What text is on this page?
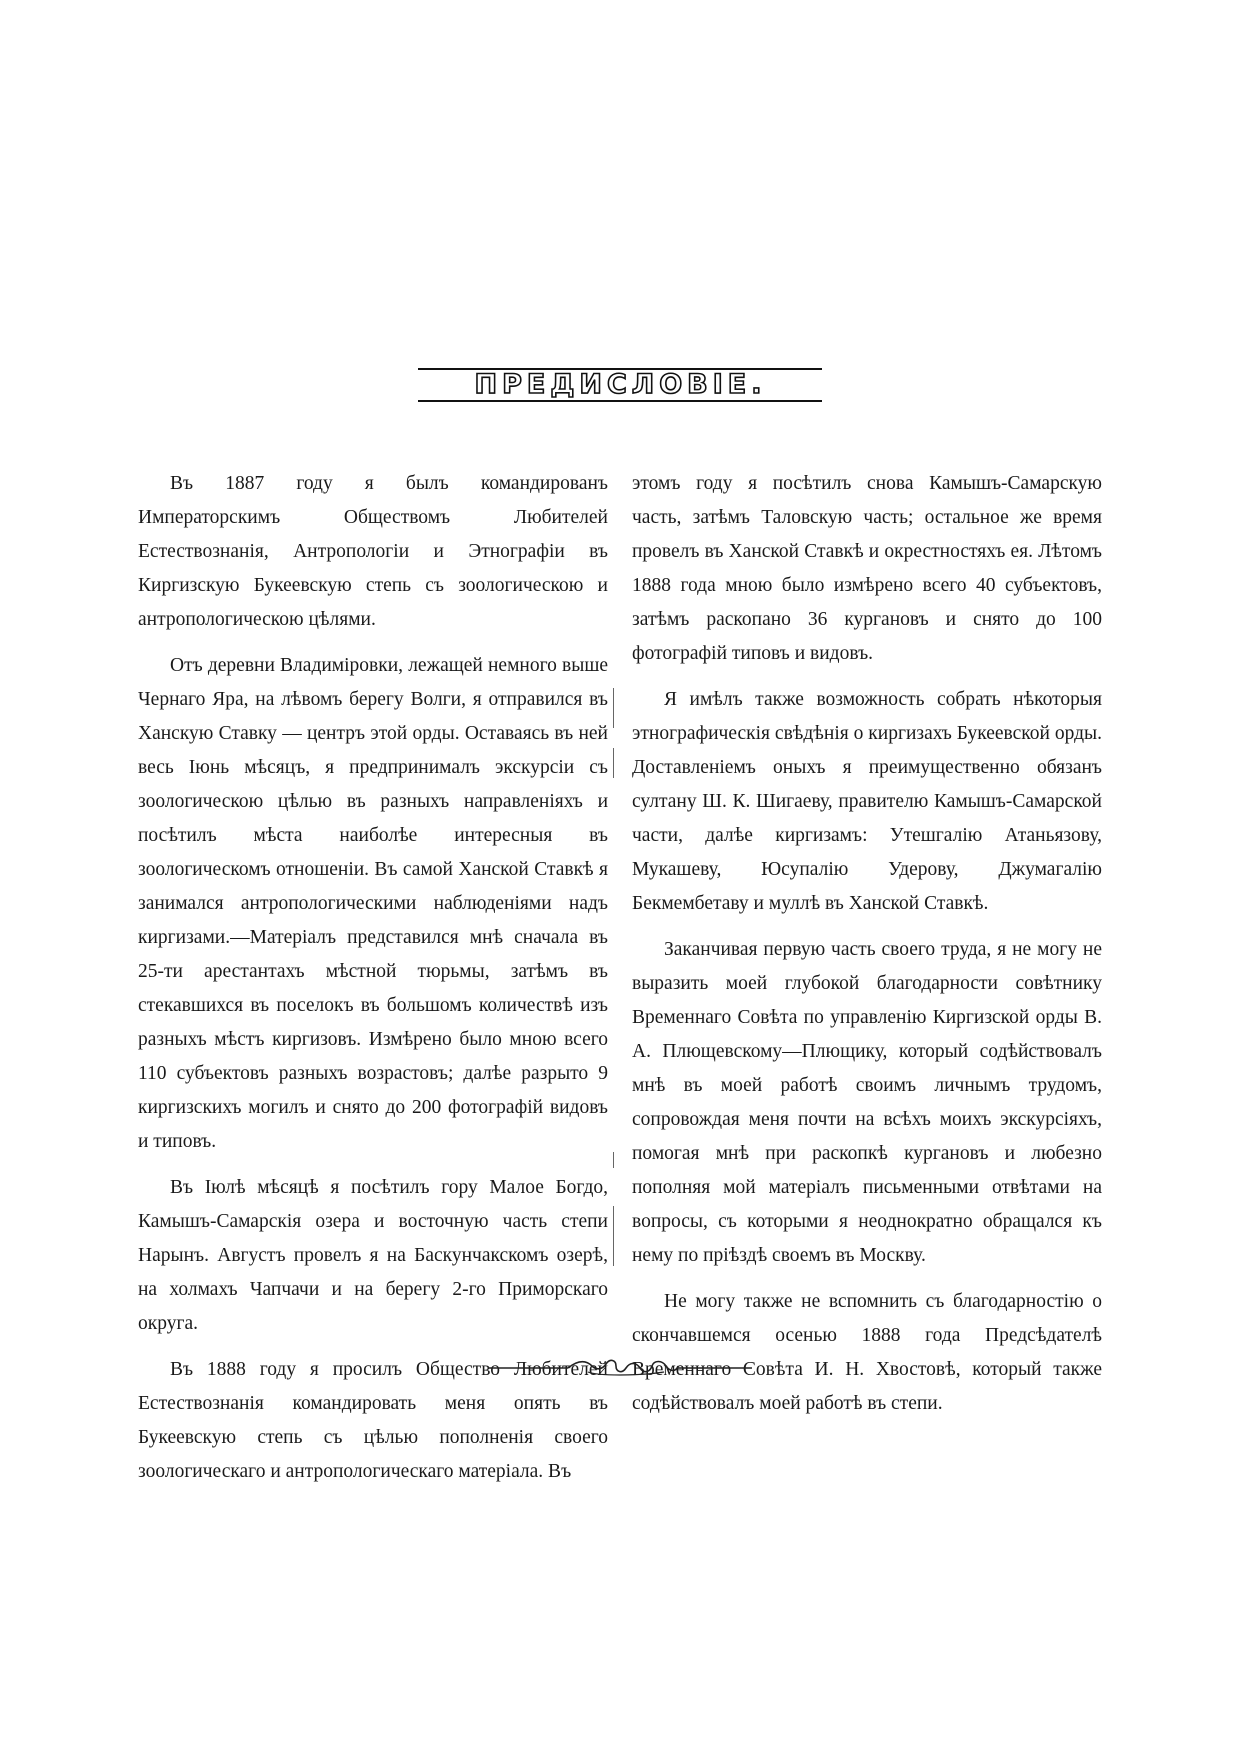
ПРЕДИСЛОВІЕ.

Въ 1887 году я былъ командированъ Императорскимъ Обществомъ Любителей Естествознанія, Антропологіи и Этнографіи въ Киргизскую Букеевскую степь съ зоологическою и антропологическою цѣлями.

Отъ деревни Владиміровки, лежащей немного выше Чернаго Яра, на лѣвомъ берегу Волги, я отправился въ Ханскую Ставку — центръ этой орды. Оставаясь въ ней весь Іюнь мѣсяцъ, я предпринималъ экскурсіи съ зоологическою цѣлью въ разныхъ направленіяхъ и посѣтилъ мѣста наиболѣе интересныя въ зоологическомъ отношеніи. Въ самой Ханской Ставкѣ я занимался антропологическими наблюденіями надъ киргизами.—Матеріалъ представился мнѣ сначала въ 25-ти арестантахъ мѣстной тюрьмы, затѣмъ въ стекавшихся въ поселокъ въ большомъ количествѣ изъ разныхъ мѣстъ киргизовъ. Измѣрено было мною всего 110 субъектовъ разныхъ возрастовъ; далѣе разрыто 9 киргизскихъ могилъ и снято до 200 фотографій видовъ и типовъ.

Въ Іюлѣ мѣсяцѣ я посѣтилъ гору Малое Богдо, Камышъ-Самарскія озера и восточную часть степи Нарынъ. Августъ провелъ я на Баскунчакскомъ озерѣ, на холмахъ Чапчачи и на берегу 2-го Приморскаго округа.

Въ 1888 году я просилъ Общество Любителей Естествознанія командировать меня опять въ Букеевскую степь съ цѣлью пополненія своего зоологическаго и антропологическаго матеріала. Въ

этомъ году я посѣтилъ снова Камышъ-Самарскую часть, затѣмъ Таловскую часть; остальное же время провелъ въ Ханской Ставкѣ и окрестностяхъ ея. Лѣтомъ 1888 года мною было измѣрено всего 40 субъектовъ, затѣмъ раскопано 36 кургановъ и снято до 100 фотографій типовъ и видовъ.

Я имѣлъ также возможность собрать нѣкоторыя этнографическія свѣдѣнія о киргизахъ Букеевской орды. Доставленіемъ оныхъ я преимущественно обязанъ султану Ш. К. Шигаеву, правителю Камышъ-Самарской части, далѣе киргизамъ: Утешгалію Атаньязову, Мукашеву, Юсупалію Удерову, Джумагалію Бекмембетаву и муллѣ въ Ханской Ставкѣ.

Заканчивая первую часть своего труда, я не могу не выразить моей глубокой благодарности совѣтнику Временнаго Совѣта по управленію Киргизской орды В. А. Плющевскому—Плющику, который содѣйствовалъ мнѣ въ моей работѣ своимъ личнымъ трудомъ, сопровождая меня почти на всѣхъ моихъ экскурсіяхъ, помогая мнѣ при раскопкѣ кургановъ и любезно пополняя мой матеріалъ письменными отвѣтами на вопросы, съ которыми я неоднократно обращался къ нему по пріѣздѣ своемъ въ Москву.

Не могу также не вспомнить съ благодарностію о скончавшемся осенью 1888 года Предсѣдателѣ Временнаго Совѣта И. Н. Хвостовѣ, который также содѣйствовалъ моей работѣ въ степи.
